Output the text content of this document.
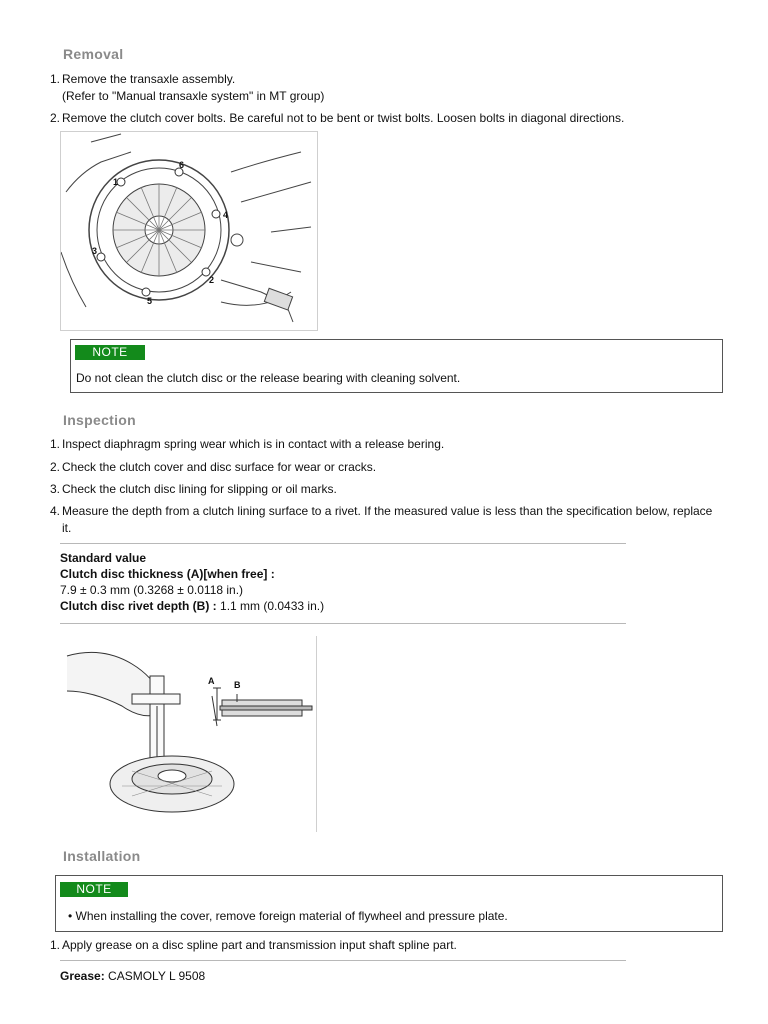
Removal
1. Remove the transaxle assembly.
(Refer to "Manual transaxle system" in MT group)
2. Remove the clutch cover bolts. Be careful not to be bent or twist bolts. Loosen bolts in diagonal directions.
1
6
4
3
2
5
NOTE
Do not clean the clutch disc or the release bearing with cleaning solvent.
Inspection
1. Inspect diaphragm spring wear which is in contact with a release bering.
2. Check the clutch cover and disc surface for wear or cracks.
3. Check the clutch disc lining for slipping or oil marks.
4. Measure the depth from a clutch lining surface to a rivet. If the measured value is less than the specification below, replace
it.
Standard value
Clutch disc thickness (A)[when free] :
7.9 ± 0.3 mm (0.3268 ± 0.0118 in.)
Clutch disc rivet depth (B) : 1.1 mm (0.0433 in.)
A B
Installation
NOTE
• When installing the cover, remove foreign material of flywheel and pressure plate.
1. Apply grease on a disc spline part and transmission input shaft spline part.
Grease: CASMOLY L 9508
